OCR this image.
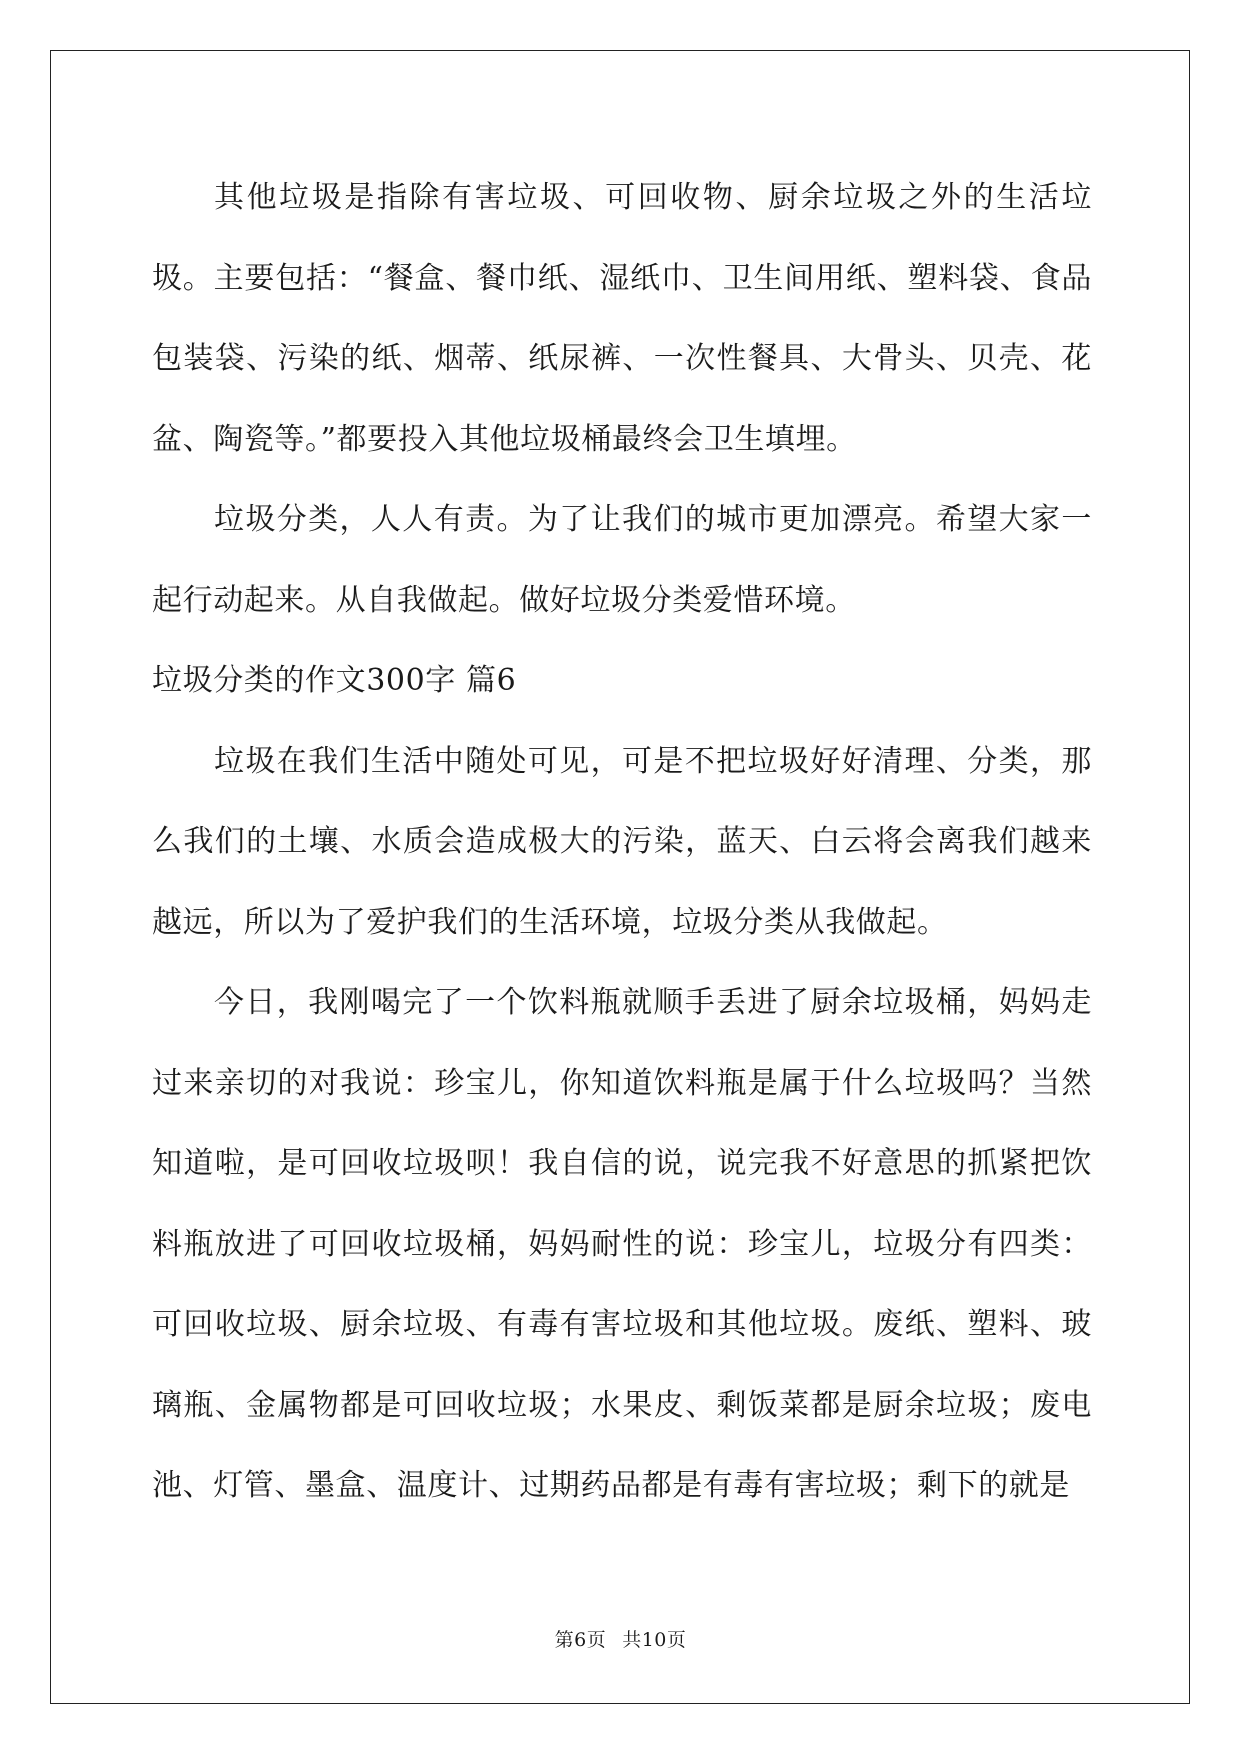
其他垃圾是指除有害垃圾、可回收物、厨余垃圾之外的生活垃圾。主要包括：“餐盒、餐巾纸、湿纸巾、卫生间用纸、塑料袋、食品包装袋、污染的纸、烟蒂、纸尿裤、一次性餐具、大骨头、贝壳、花盆、陶瓷等。”都要投入其他垃圾桶最终会卫生填埋。

垃圾分类，人人有责。为了让我们的城市更加漂亮。希望大家一起行动起来。从自我做起。做好垃圾分类爱惜环境。

垃圾分类的作文300字 篇6

垃圾在我们生活中随处可见，可是不把垃圾好好清理、分类，那么我们的土壤、水质会造成极大的污染，蓝天、白云将会离我们越来越远，所以为了爱护我们的生活环境，垃圾分类从我做起。

今日，我刚喝完了一个饮料瓶就顺手丢进了厨余垃圾桶，妈妈走过来亲切的对我说：珍宝儿，你知道饮料瓶是属于什么垃圾吗？当然知道啦，是可回收垃圾呗！我自信的说，说完我不好意思的抓紧把饮料瓶放进了可回收垃圾桶，妈妈耐性的说：珍宝儿，垃圾分有四类：可回收垃圾、厨余垃圾、有毒有害垃圾和其他垃圾。废纸、塑料、玻璃瓶、金属物都是可回收垃圾；水果皮、剩饭菜都是厨余垃圾；废电池、灯管、墨盒、温度计、过期药品都是有毒有害垃圾；剩下的就是

第6页 共10页
